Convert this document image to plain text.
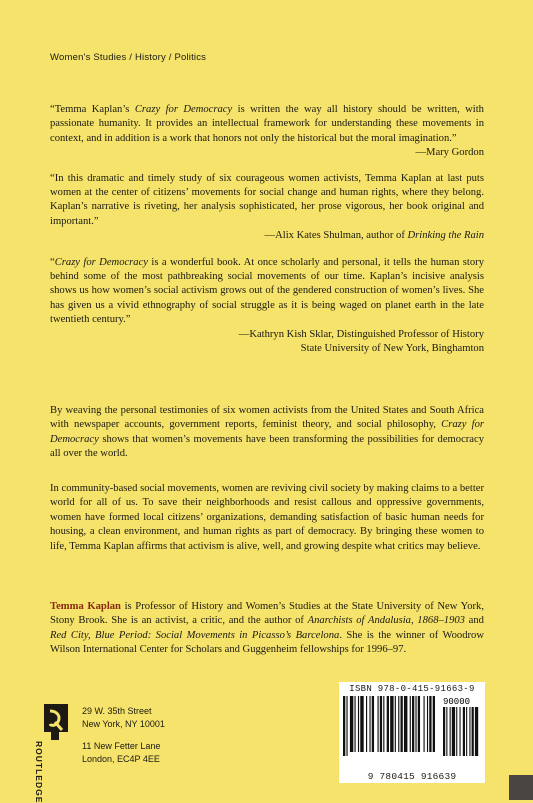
Women's Studies / History / Politics

“Temma Kaplan’s Crazy for Democracy is written the way all history should be written, with passionate humanity. It provides an intellectual framework for understanding these movements in context, and in addition is a work that honors not only the historical but the moral imagination.”

—Mary Gordon

“In this dramatic and timely study of six courageous women activists, Temma Kaplan at last puts women at the center of citizens’ movements for social change and human rights, where they belong. Kaplan’s narrative is riveting, her analysis sophisticated, her prose vigorous, her book original and important.”

—Alix Kates Shulman, author of Drinking the Rain

“Crazy for Democracy is a wonderful book. At once scholarly and personal, it tells the human story behind some of the most pathbreaking social movements of our time. Kaplan’s incisive analysis shows us how women’s social activism grows out of the gendered construction of women’s lives. She has given us a vivid ethnography of social struggle as it is being waged on planet earth in the late twentieth century.”

—Kathryn Kish Sklar, Distinguished Professor of History

State University of New York, Binghamton

By weaving the personal testimonies of six women activists from the United States and South Africa with newspaper accounts, government reports, feminist theory, and social philosophy, Crazy for Democracy shows that women’s movements have been transforming the possibilities for democracy all over the world.

In community-based social movements, women are reviving civil society by making claims to a better world for all of us. To save their neighborhoods and resist callous and oppressive governments, women have formed local citizens’ organizations, demanding satisfaction of basic human needs for housing, a clean environment, and human rights as part of democracy. By bringing these women to life, Temma Kaplan affirms that activism is alive, well, and growing despite what critics may believe.

Temma Kaplan is Professor of History and Women’s Studies at the State University of New York, Stony Brook. She is an activist, a critic, and the author of Anarchists of Andalusia, 1868–1903 and Red City, Blue Period: Social Movements in Picasso’s Barcelona. She is the winner of Woodrow Wilson International Center for Scholars and Guggenheim fellowships for 1996–97.

ROUTLEDGE
29 W. 35th Street
New York, NY 10001
11 New Fetter Lane
London, EC4P 4EE
ISBN 978-0-415-91663-9
90000
9 780415 916639
